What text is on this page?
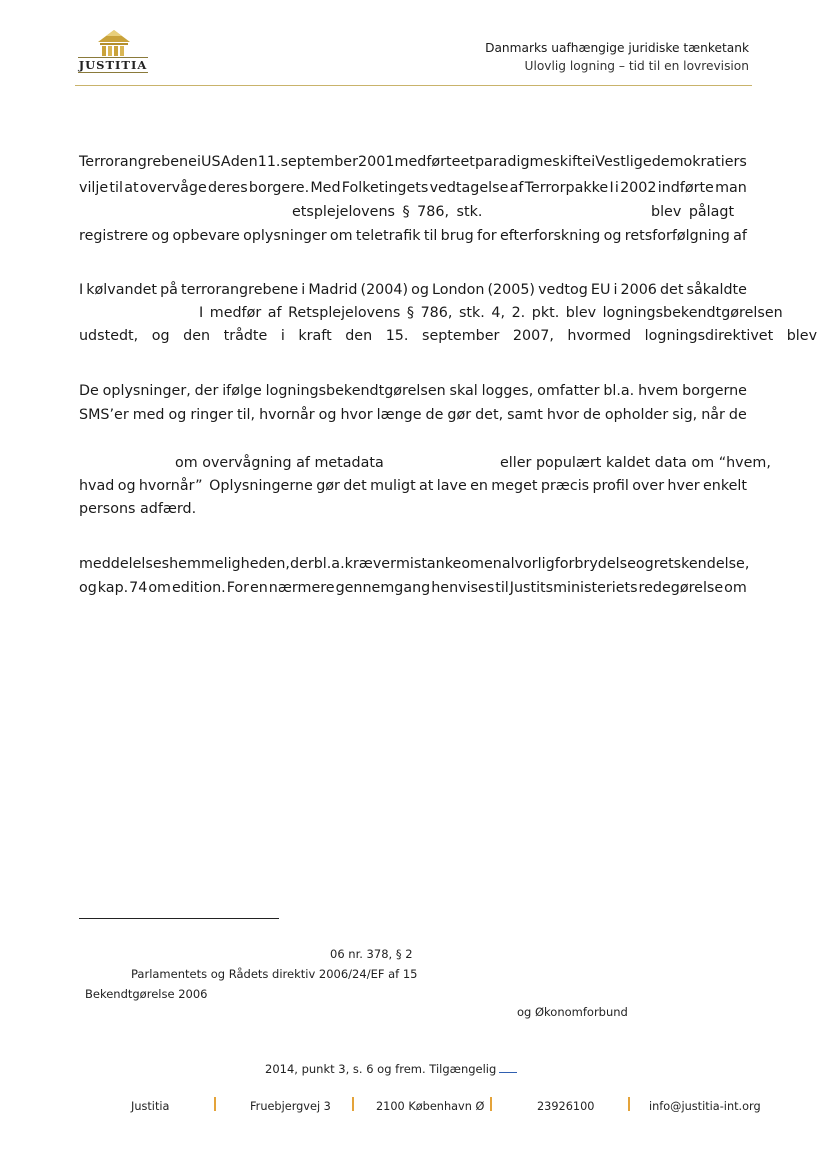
JUSTITIA
Danmarks uafhængige juridiske tænketank
Ulovlig logning – tid til en lovrevision
Terrorangrebene i USA den 11. september 2001 medførte et paradigmeskifte i Vestlige demokratiers
vilje til at overvåge deres borgere. Med Folketingets vedtagelse af Terrorpakke I i 2002 indførte man
etsplejelovens § 786, stk.	blev pålagt
registrere og opbevare oplysninger om teletrafik til brug for efterforskning og retsforfølgning af
I kølvandet på terrorangrebene i Madrid (2004) og London (2005) vedtog EU i 2006 det såkaldte
I medfør af Retsplejelovens § 786, stk. 4, 2. pkt. blev logningsbekendtgørelsen
udstedt, og den trådte i kraft den 15. september 2007, hvormed logningsdirektivet blev
De oplysninger, der ifølge logningsbekendtgørelsen skal logges, omfatter bl.a. hvem borgerne
SMS’er med og ringer til, hvornår og hvor længe de gør det, samt hvor de opholder sig, når de
om overvågning af metadata	eller populært kaldet data om “hvem,
hvad og hvornår” Oplysningerne gør det muligt at lave en meget præcis profil over hver enkelt
persons adfærd.
meddelelseshemmeligheden, der bl.a. kræver mistanke om en alvorlig forbrydelse og retskendelse,
og kap. 74 om edition. For en nærmere gennemgang henvises til Justitsministeriets redegørelse om
06 nr. 378, § 2
Parlamentets og Rådets direktiv 2006/24/EF af 15
Bekendtgørelse 2006
og Økonomforbund
2014, punkt 3, s. 6 og frem. Tilgængelig
Justitia	Fruebjergvej 3	2100 København Ø	23926100	info@justitia-int.org
